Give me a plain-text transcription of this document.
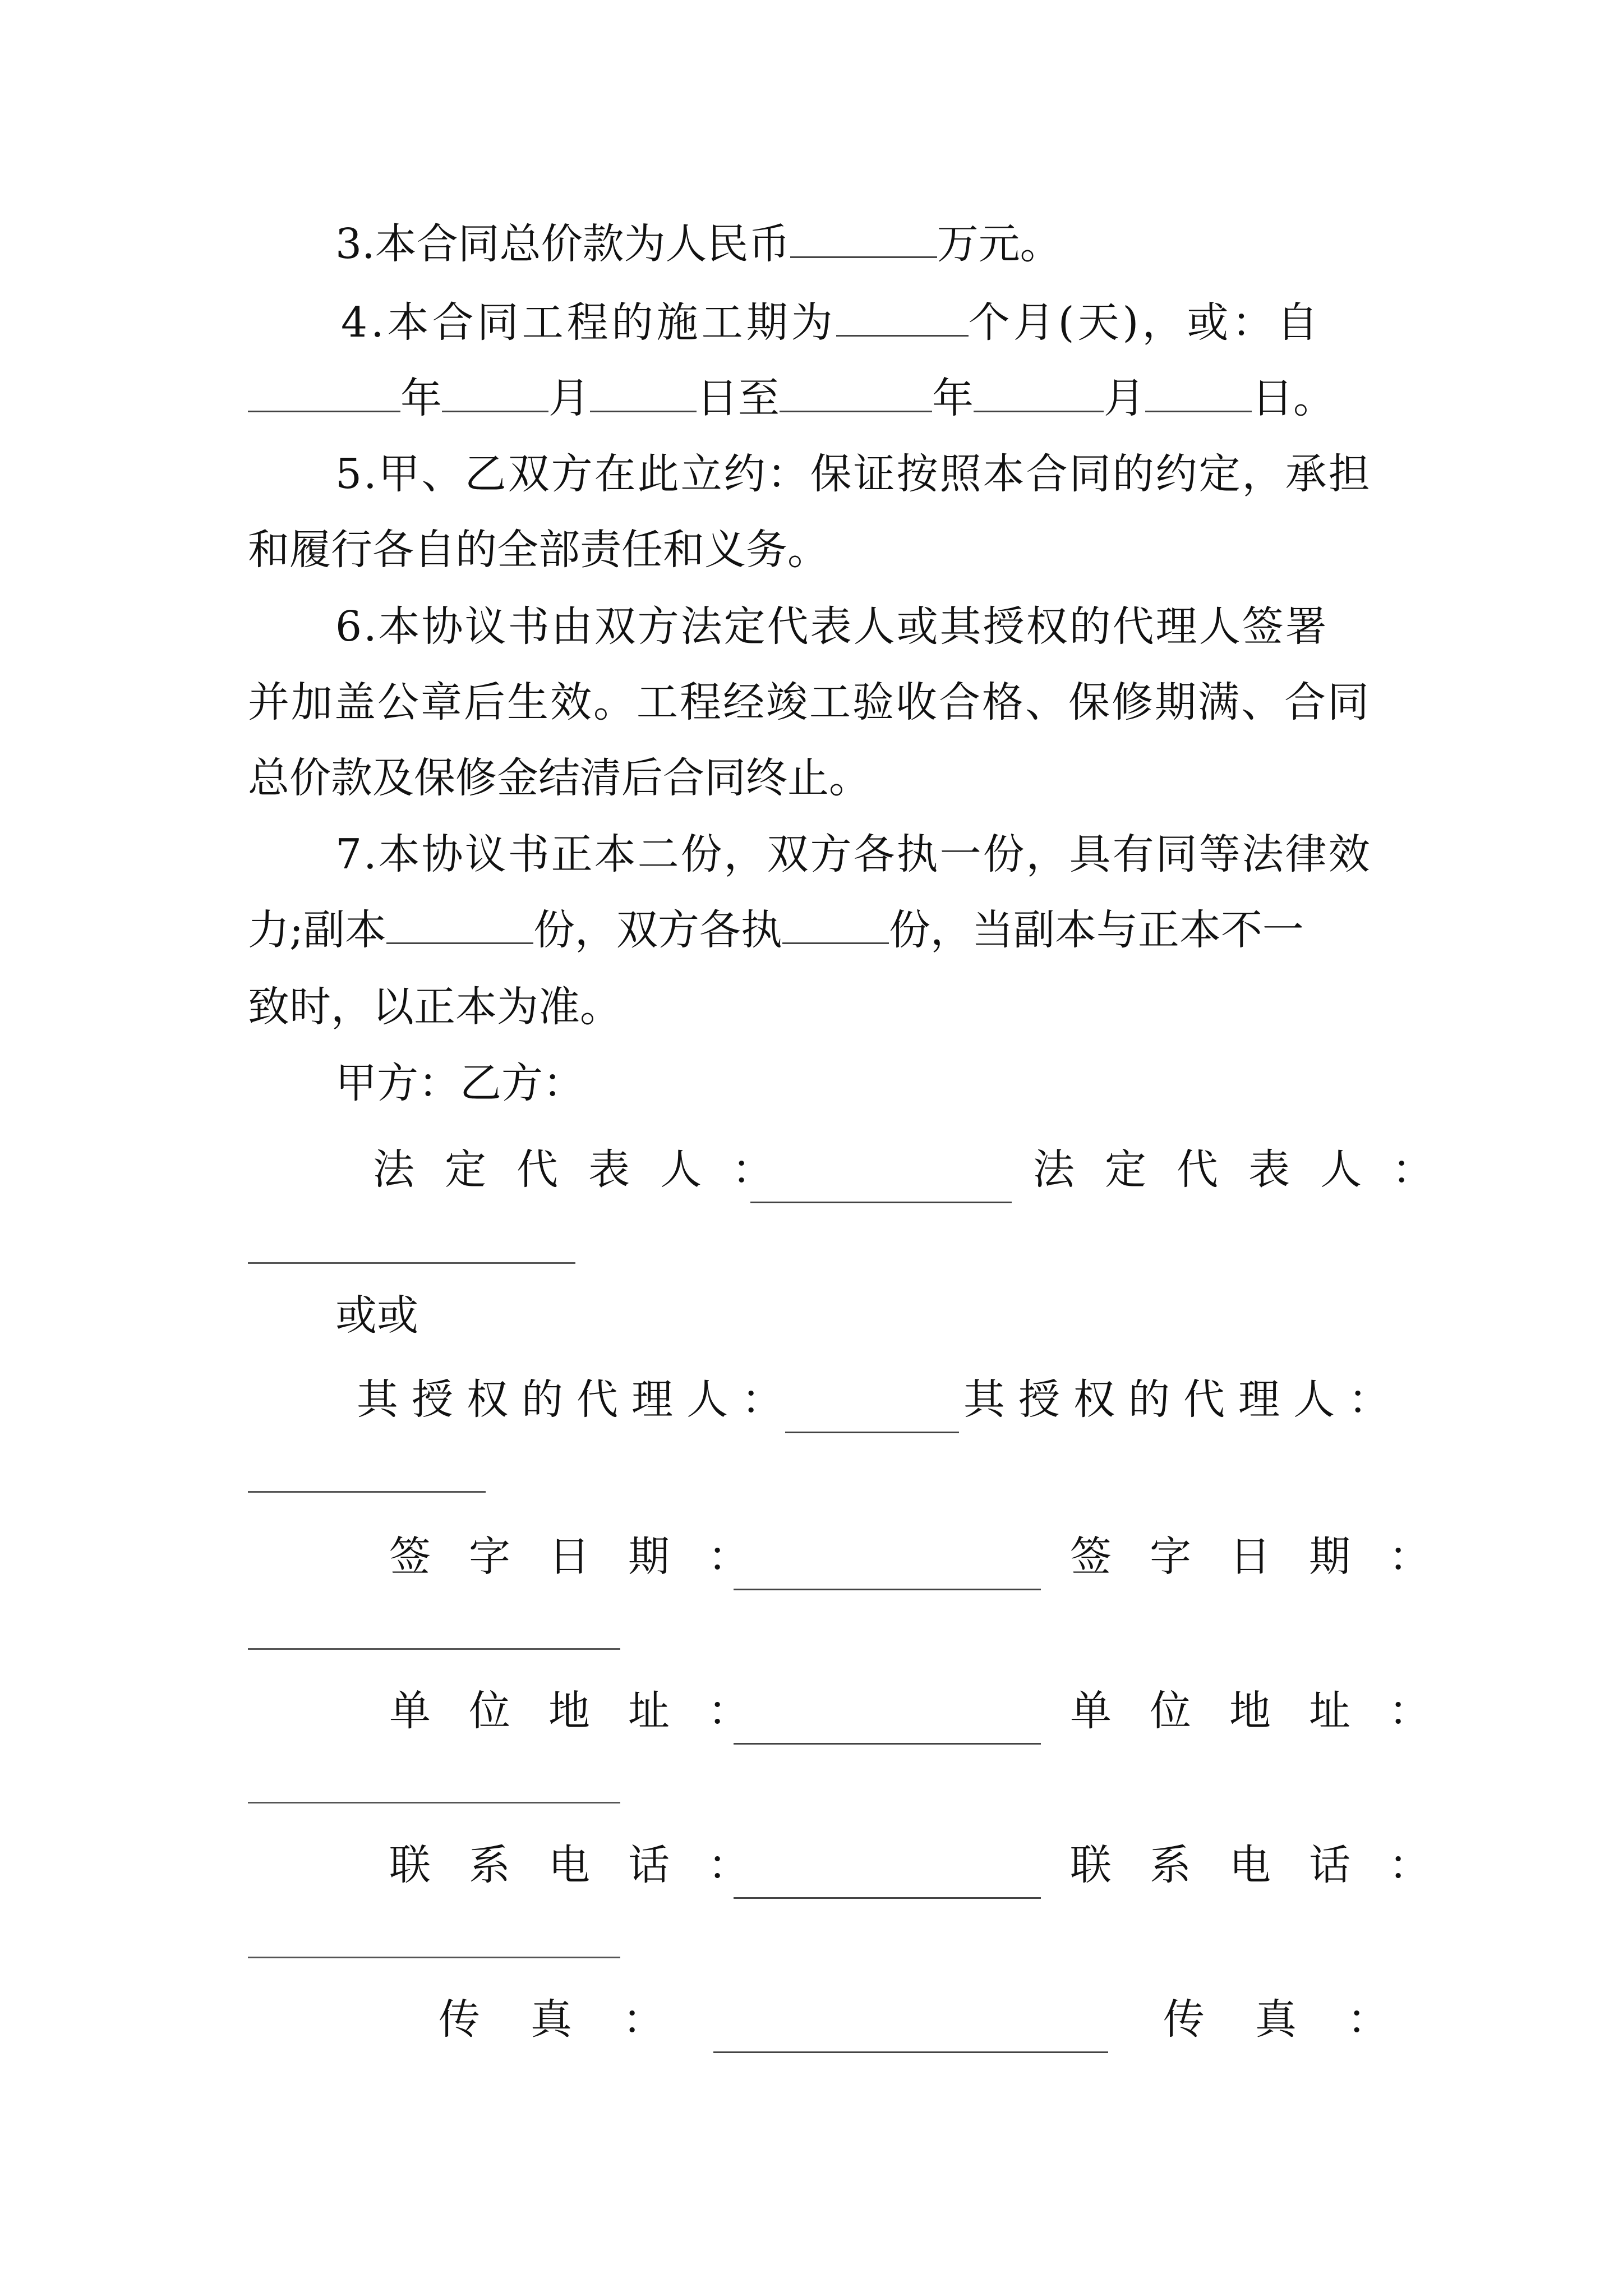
3.本合同总价款为人民币	万元。
4.本合同工程的施工期为	个月(天)，或：自
年	月	日至	年	月	日。
5.甲、乙双方在此立约：保证按照本合同的约定，承担
和履行各自的全部责任和义务。
6.本协议书由双方法定代表人或其授权的代理人签署
并加盖公章后生效。工程经竣工验收合格、保修期满、合同
总价款及保修金结清后合同终止。
7.本协议书正本二份，双方各执一份，具有同等法律效
力;副本	份，双方各执	份，当副本与正本不一
致时，以正本为准。
甲方：乙方：
法定代表人：	法定代表人：
或或
其授权的代理人：	其授权的代理人：
签字日期：	签字日期：
单位地址：	单位地址：
联系电话：	联系电话：
传真：	传真：
